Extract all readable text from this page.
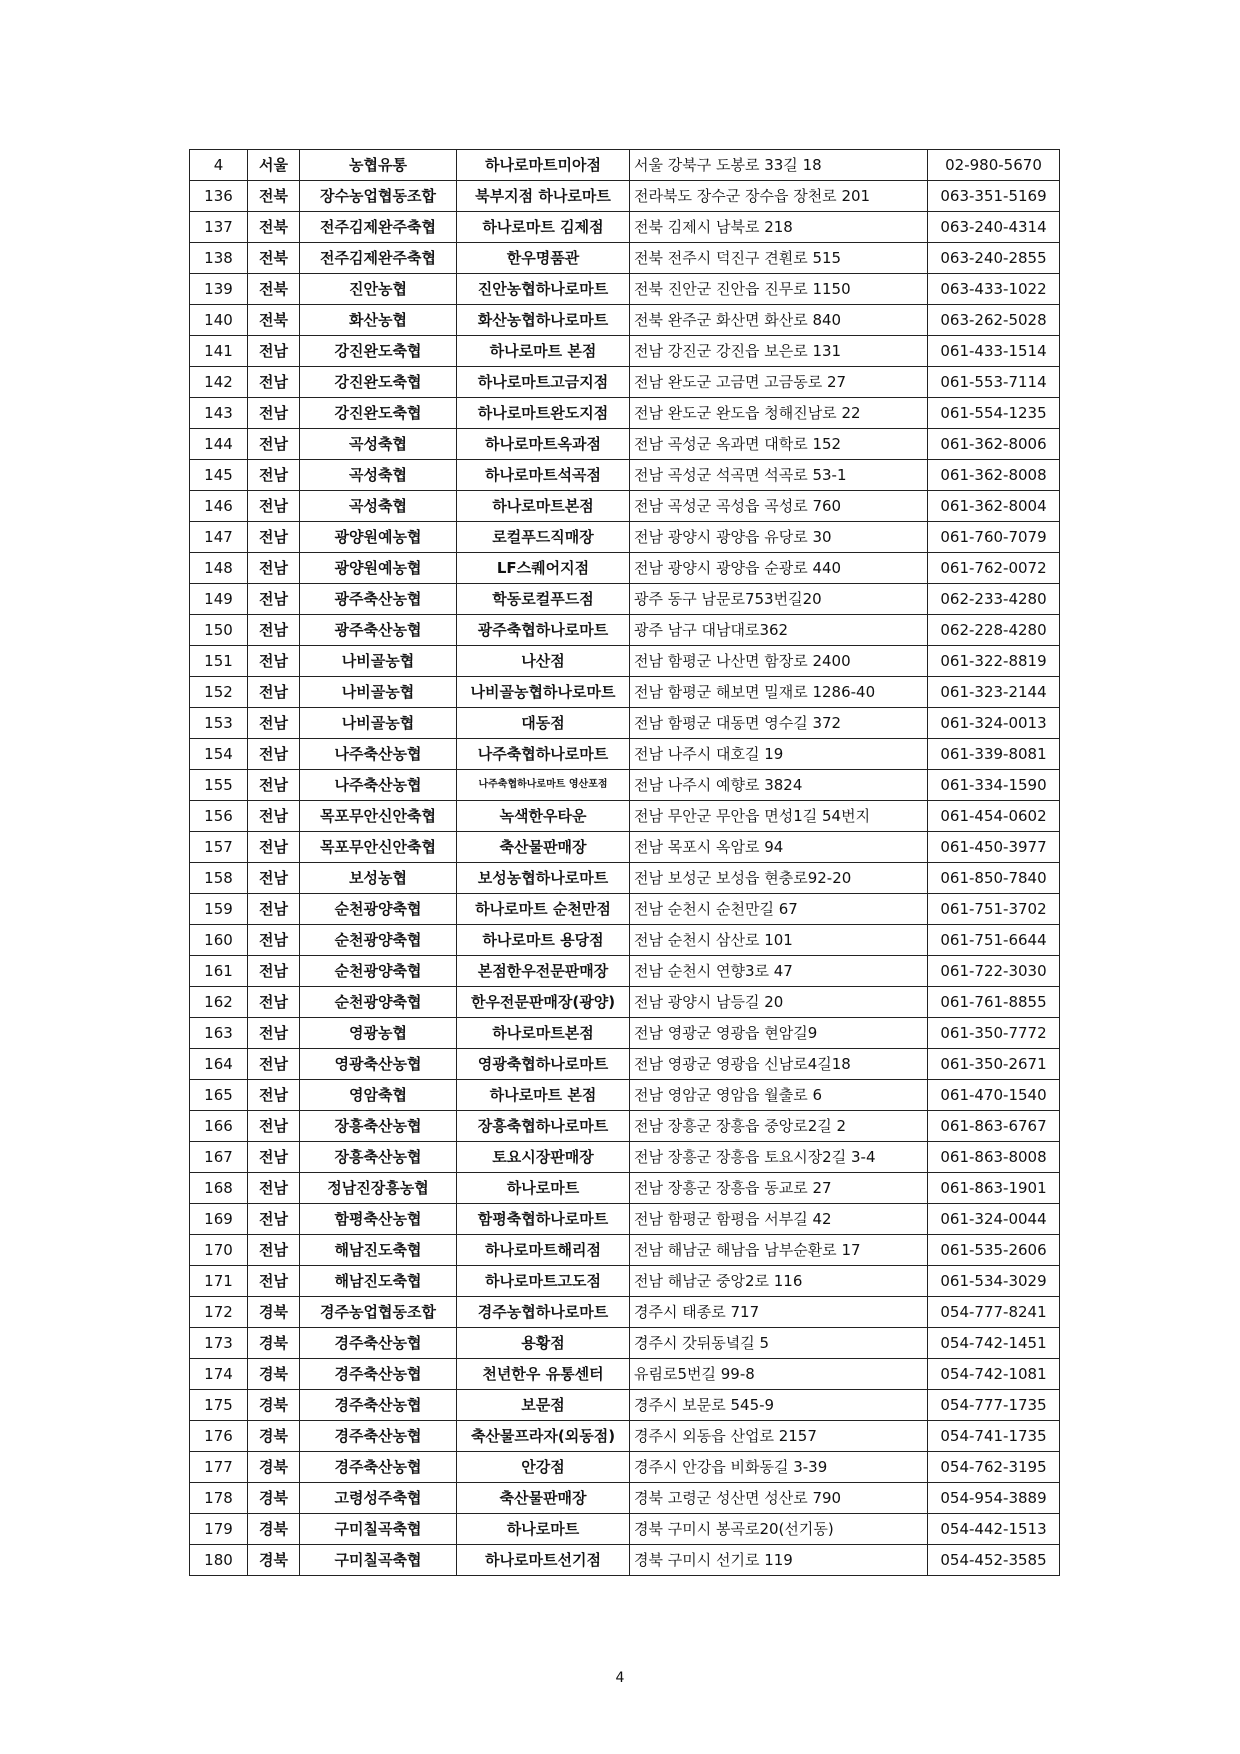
4	서울	농협유통	하나로마트미아점	서울 강북구 도봉로 33길 18	02-980-5670
136	전북	장수농업협동조합	북부지점 하나로마트	전라북도 장수군 장수읍 장천로 201	063-351-5169
137	전북	전주김제완주축협	하나로마트 김제점	전북 김제시 남북로 218	063-240-4314
138	전북	전주김제완주축협	한우명품관	전북 전주시 덕진구 견훤로 515	063-240-2855
139	전북	진안농협	진안농협하나로마트	전북 진안군 진안읍 진무로 1150	063-433-1022
140	전북	화산농협	화산농협하나로마트	전북 완주군 화산면 화산로 840	063-262-5028
141	전남	강진완도축협	하나로마트 본점	전남 강진군 강진읍 보은로 131	061-433-1514
142	전남	강진완도축협	하나로마트고금지점	전남 완도군 고금면 고금동로 27	061-553-7114
143	전남	강진완도축협	하나로마트완도지점	전남 완도군 완도읍 청해진남로 22	061-554-1235
144	전남	곡성축협	하나로마트옥과점	전남 곡성군 옥과면 대학로 152	061-362-8006
145	전남	곡성축협	하나로마트석곡점	전남 곡성군 석곡면 석곡로 53-1	061-362-8008
146	전남	곡성축협	하나로마트본점	전남 곡성군 곡성읍 곡성로 760	061-362-8004
147	전남	광양원예농협	로컬푸드직매장	전남 광양시 광양읍 유당로 30	061-760-7079
148	전남	광양원예농협	LF스퀘어지점	전남 광양시 광양읍 순광로 440	061-762-0072
149	전남	광주축산농협	학동로컬푸드점	광주 동구 남문로753번길20	062-233-4280
150	전남	광주축산농협	광주축협하나로마트	광주 남구 대남대로362	062-228-4280
151	전남	나비골농협	나산점	전남 함평군 나산면 함장로 2400	061-322-8819
152	전남	나비골농협	나비골농협하나로마트	전남 함평군 해보면 밀재로 1286-40	061-323-2144
153	전남	나비골농협	대동점	전남 함평군 대동면 영수길 372	061-324-0013
154	전남	나주축산농협	나주축협하나로마트	전남 나주시 대호길 19	061-339-8081
155	전남	나주축산농협	나주축협하나로마트 영산포점	전남 나주시 예향로 3824	061-334-1590
156	전남	목포무안신안축협	녹색한우타운	전남 무안군 무안읍 면성1길 54번지	061-454-0602
157	전남	목포무안신안축협	축산물판매장	전남 목포시 옥암로 94	061-450-3977
158	전남	보성농협	보성농협하나로마트	전남 보성군 보성읍 현충로92-20	061-850-7840
159	전남	순천광양축협	하나로마트 순천만점	전남 순천시 순천만길 67	061-751-3702
160	전남	순천광양축협	하나로마트 용당점	전남 순천시 삼산로 101	061-751-6644
161	전남	순천광양축협	본점한우전문판매장	전남 순천시 연향3로 47	061-722-3030
162	전남	순천광양축협	한우전문판매장(광양)	전남 광양시 남등길 20	061-761-8855
163	전남	영광농협	하나로마트본점	전남 영광군 영광읍 현암길9	061-350-7772
164	전남	영광축산농협	영광축협하나로마트	전남 영광군 영광읍 신남로4길18	061-350-2671
165	전남	영암축협	하나로마트 본점	전남 영암군 영암읍 월출로 6	061-470-1540
166	전남	장흥축산농협	장흥축협하나로마트	전남 장흥군 장흥읍 중앙로2길 2	061-863-6767
167	전남	장흥축산농협	토요시장판매장	전남 장흥군 장흥읍 토요시장2길 3-4	061-863-8008
168	전남	정남진장흥농협	하나로마트	전남 장흥군 장흥읍 동교로 27	061-863-1901
169	전남	함평축산농협	함평축협하나로마트	전남 함평군 함평읍 서부길 42	061-324-0044
170	전남	해남진도축협	하나로마트해리점	전남 해남군 해남읍 남부순환로 17	061-535-2606
171	전남	해남진도축협	하나로마트고도점	전남 해남군 중앙2로 116	061-534-3029
172	경북	경주농업협동조합	경주농협하나로마트	경주시 태종로 717	054-777-8241
173	경북	경주축산농협	용황점	경주시 갓뒤동녘길 5	054-742-1451
174	경북	경주축산농협	천년한우 유통센터	유림로5번길 99-8	054-742-1081
175	경북	경주축산농협	보문점	경주시 보문로 545-9	054-777-1735
176	경북	경주축산농협	축산물프라자(외동점)	경주시 외동읍 산업로 2157	054-741-1735
177	경북	경주축산농협	안강점	경주시 안강읍 비화동길 3-39	054-762-3195
178	경북	고령성주축협	축산물판매장	경북 고령군 성산면 성산로 790	054-954-3889
179	경북	구미칠곡축협	하나로마트	경북 구미시 봉곡로20(선기동)	054-442-1513
180	경북	구미칠곡축협	하나로마트선기점	경북 구미시 선기로 119	054-452-3585
4
